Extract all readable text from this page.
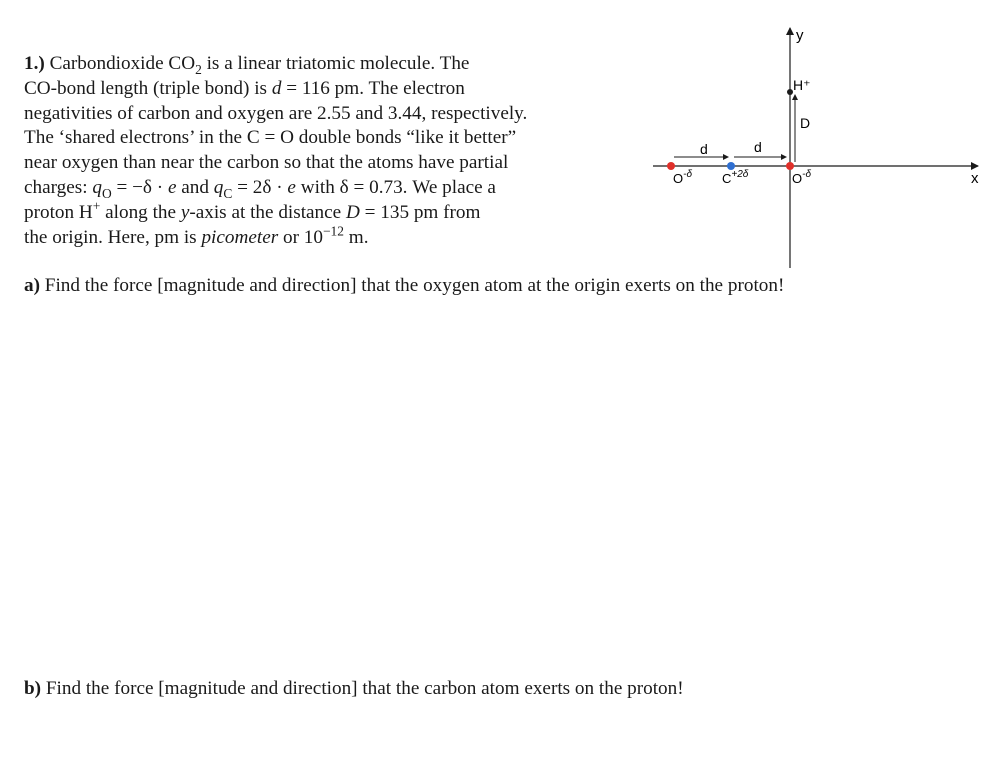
1.) Carbondioxide $CO_2$ is a linear triatomic molecule. The
CO-bond length (triple bond) is d = 116 pm. The electron
negativities of carbon and oxygen are 2.55 and 3.44, respectively.
The ‘shared electrons’ in the C = O double bonds “like it better”
near oxygen than near the carbon so that the atoms have partial
charges: $q_O = -\delta \cdot e$ and $q_C = 2\delta \cdot e$ with δ = 0.73. We place a
proton H+ along the y-axis at the distance D = 135 pm from
the origin. Here, pm is picometer or $10^{-12}$ m.
a) Find the force [magnitude and direction] that the oxygen atom at the origin exerts on the proton!
b) Find the force [magnitude and direction] that the carbon atom exerts on the proton!
y
x
H⁺
D
d	d
$O^{-\delta}$ $C^{+2\delta}$	$O^{-\delta}$
